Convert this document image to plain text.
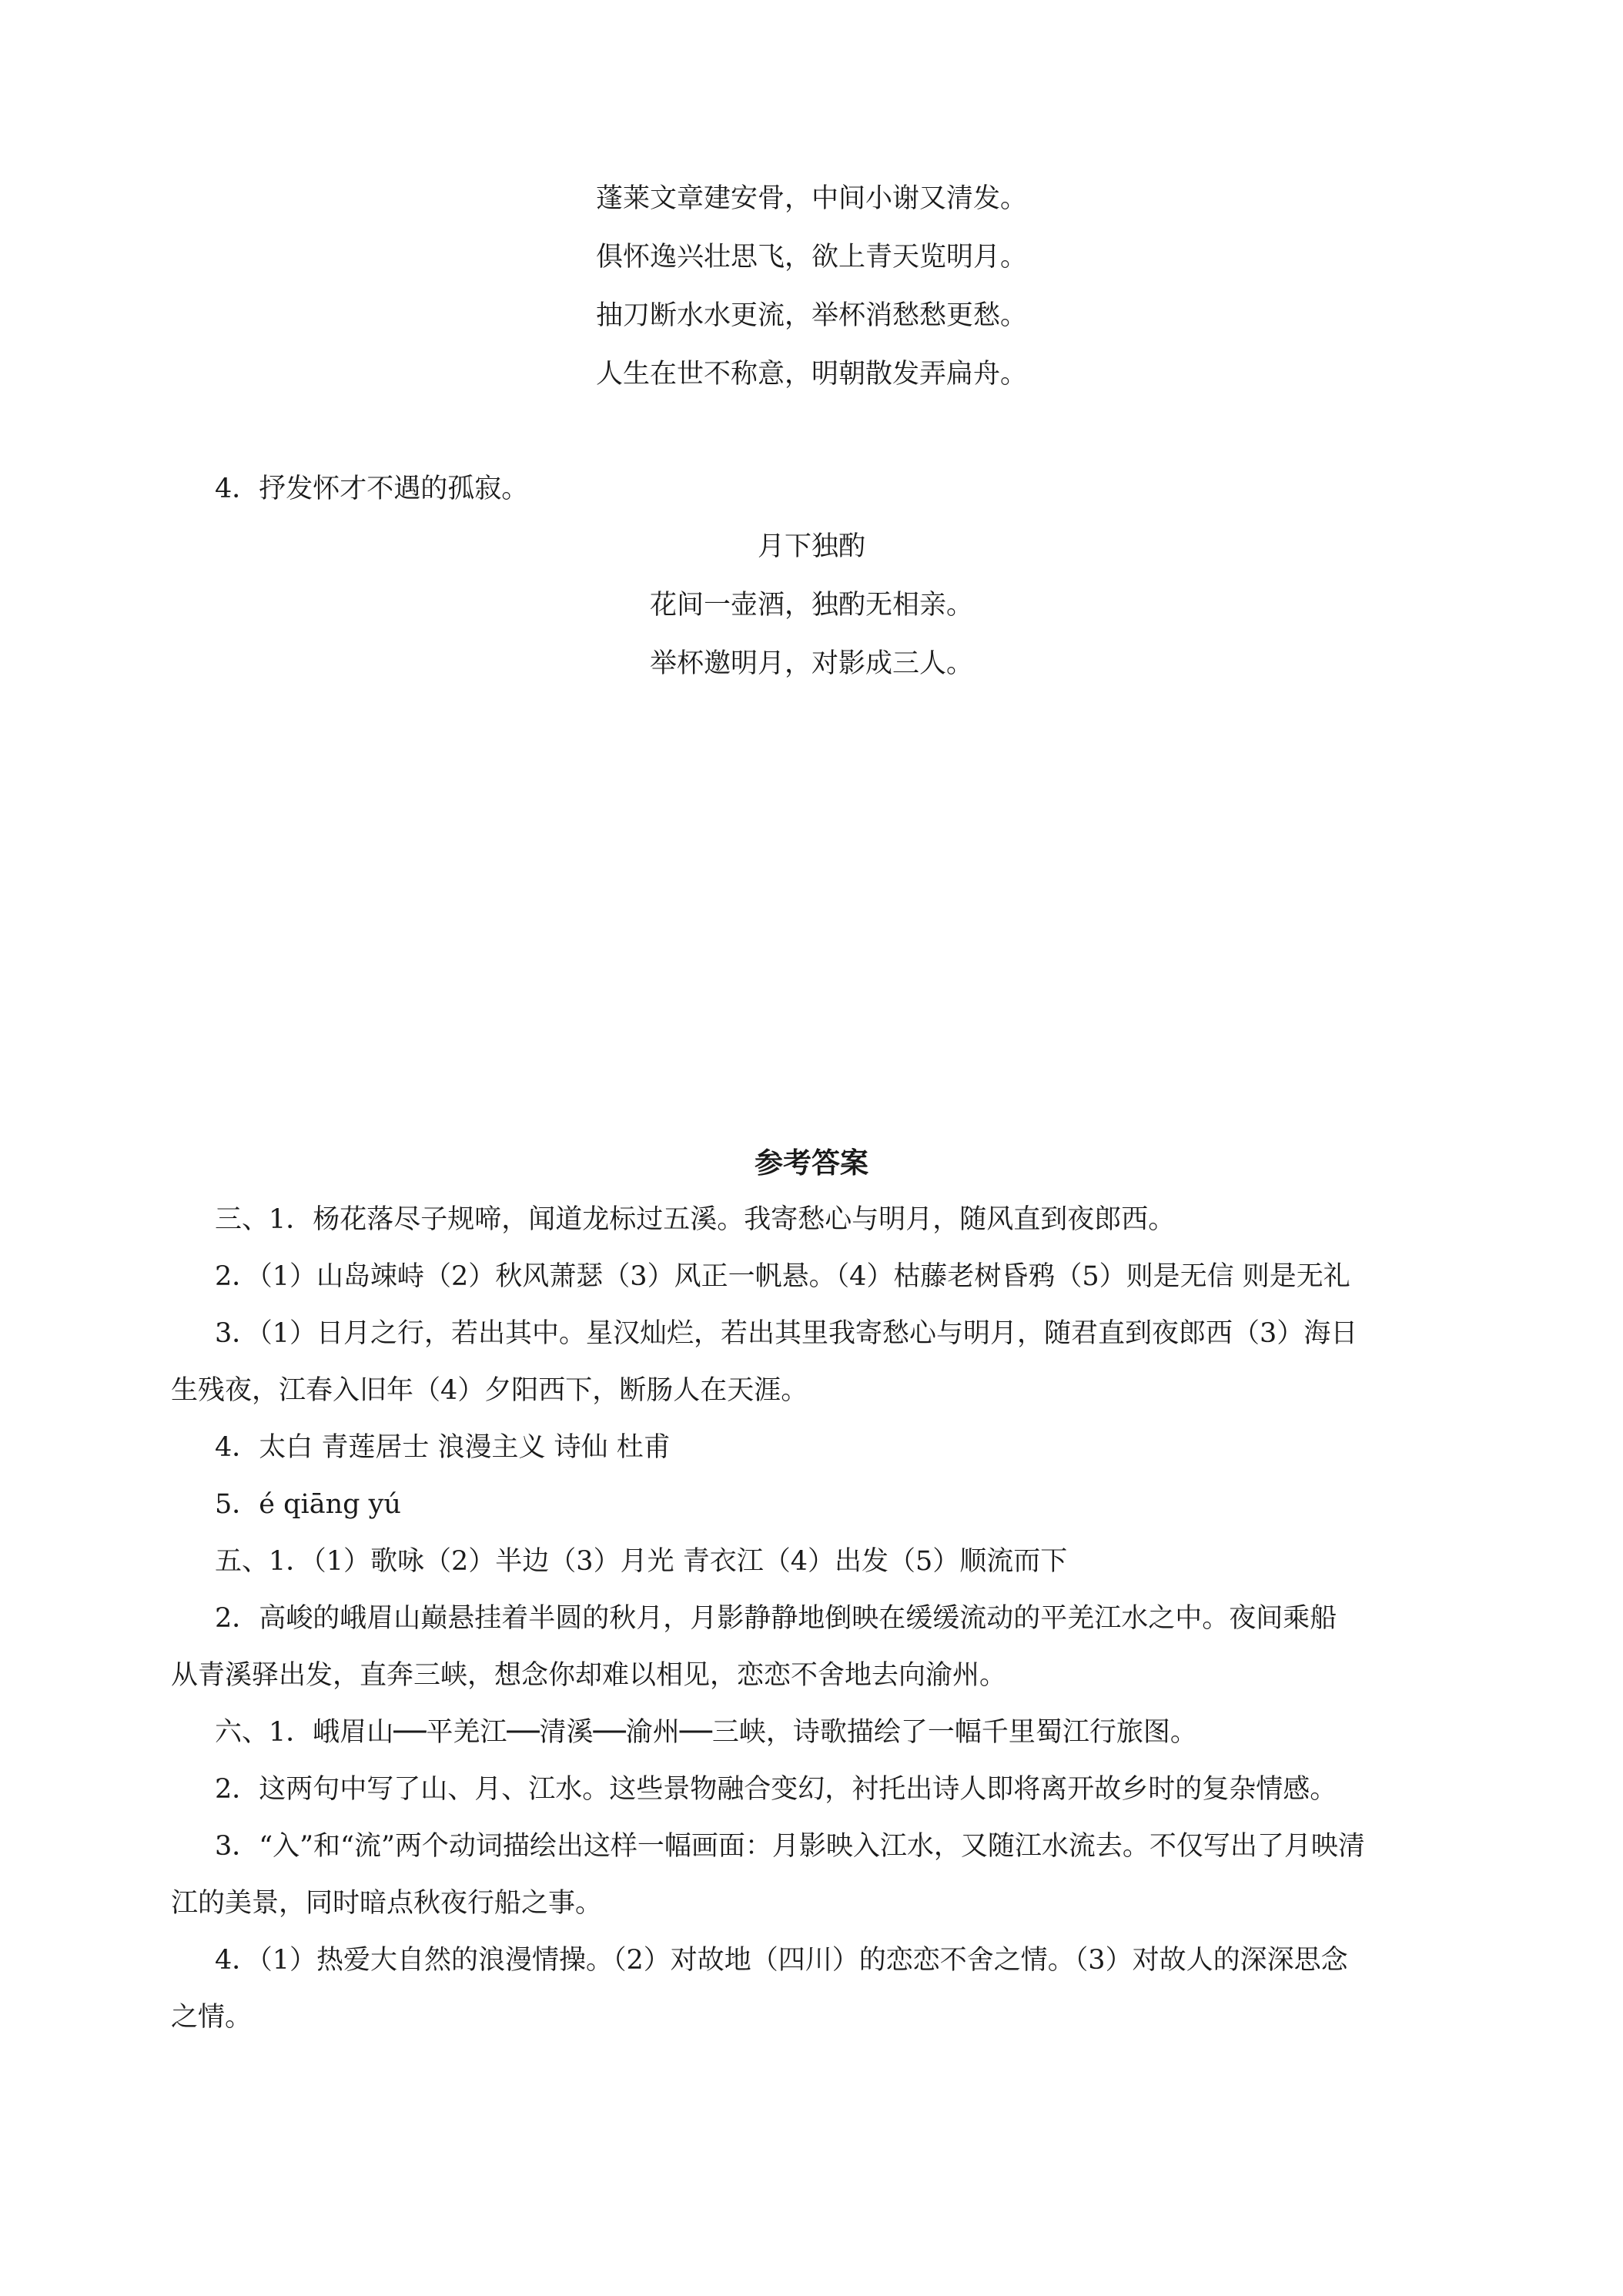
蓬莱文章建安骨，中间小谢又清发。
俱怀逸兴壮思飞，欲上青天览明月。
抽刀断水水更流，举杯消愁愁更愁。
人生在世不称意，明朝散发弄扁舟。
4．抒发怀才不遇的孤寂。
月下独酌
花间一壶酒，独酌无相亲。
举杯邀明月，对影成三人。
参考答案
三、1．杨花落尽子规啼，闻道龙标过五溪。我寄愁心与明月，随风直到夜郎西。
2．（1）山岛竦峙（2）秋风萧瑟（3）风正一帆悬。（4）枯藤老树昏鸦（5）则是无信 则是无礼
3．（1）日月之行，若出其中。星汉灿烂，若出其里我寄愁心与明月，随君直到夜郎西（3）海日
生残夜，江春入旧年（4）夕阳西下，断肠人在天涯。
4．太白 青莲居士 浪漫主义 诗仙 杜甫
5．é qiāng yú
五、1．（1）歌咏（2）半边（3）月光 青衣江（4）出发（5）顺流而下
2．高峻的峨眉山巅悬挂着半圆的秋月，月影静静地倒映在缓缓流动的平羌江水之中。夜间乘船
从青溪驿出发，直奔三峡，想念你却难以相见，恋恋不舍地去向渝州。
六、1．峨眉山──平羌江──清溪──渝州──三峡，诗歌描绘了一幅千里蜀江行旅图。
2．这两句中写了山、月、江水。这些景物融合变幻，衬托出诗人即将离开故乡时的复杂情感。
3．“入”和“流”两个动词描绘出这样一幅画面：月影映入江水，又随江水流去。不仅写出了月映清
江的美景，同时暗点秋夜行船之事。
4．（1）热爱大自然的浪漫情操。（2）对故地（四川）的恋恋不舍之情。（3）对故人的深深思念
之情。
